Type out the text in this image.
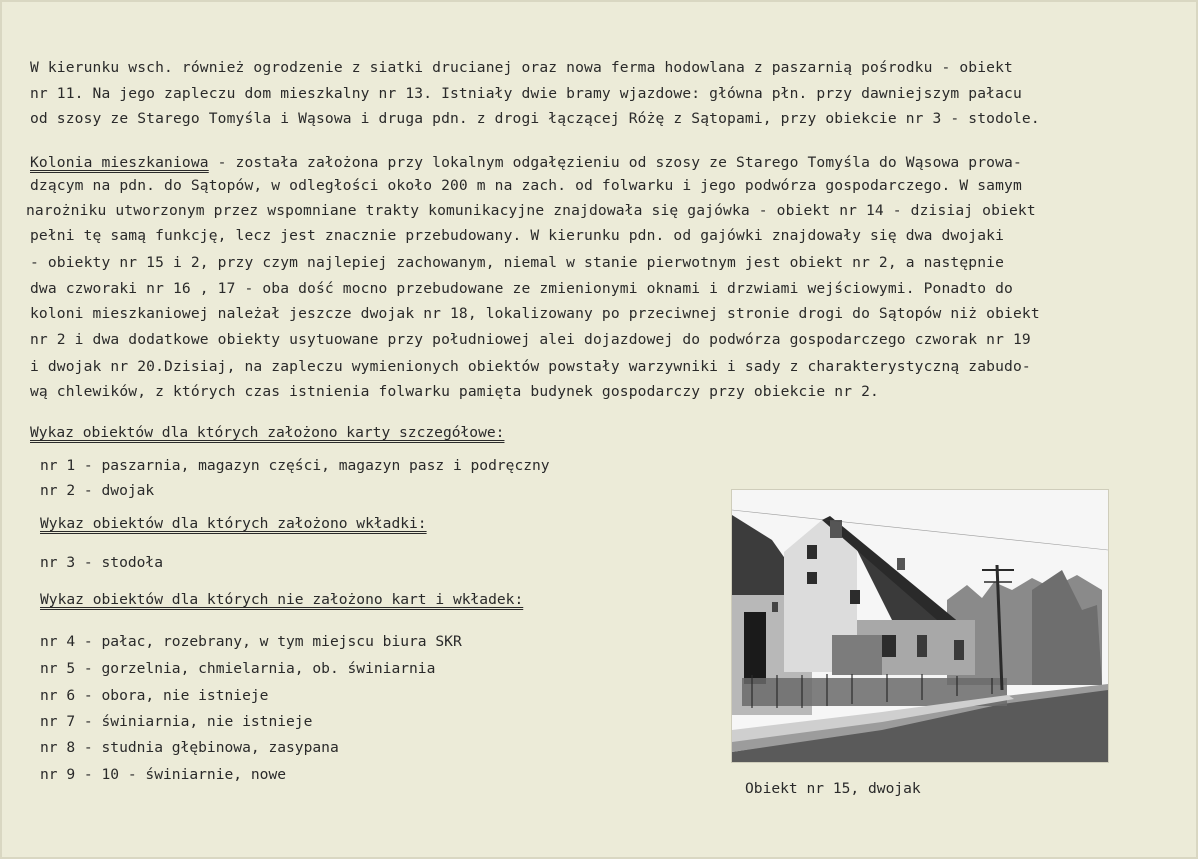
W kierunku wsch. również ogrodzenie z siatki drucianej oraz nowa ferma hodowlana z paszarnią pośrodku - obiekt
nr 11. Na jego zapleczu dom mieszkalny nr 13. Istniały dwie bramy wjazdowe: główna płn. przy dawniejszym pałacu
od szosy ze Starego Tomyśla i Wąsowa i druga pdn. z drogi łączącej Różę z Sątopami, przy obiekcie nr 3 - stodole.
Kolonia mieszkaniowa - została założona przy lokalnym odgałęzieniu od szosy ze Starego Tomyśla do Wąsowa prowa-
dzącym na pdn. do Sątopów, w odległości około 200 m na zach. od folwarku i jego podwórza gospodarczego. W samym
narożniku utworzonym przez wspomniane trakty komunikacyjne znajdowała się gajówka - obiekt nr 14 - dzisiaj obiekt
pełni tę samą funkcję, lecz jest znacznie przebudowany. W kierunku pdn. od gajówki znajdowały się dwa dwojaki
- obiekty nr 15 i 2, przy czym najlepiej zachowanym, niemal w stanie pierwotnym jest obiekt nr 2, a następnie
dwa czworaki nr 16 , 17 - oba dość mocno przebudowane ze zmienionymi oknami i drzwiami wejściowymi. Ponadto do
koloni mieszkaniowej należał jeszcze dwojak nr 18, lokalizowany po przeciwnej stronie drogi do Sątopów niż obiekt
nr 2 i dwa dodatkowe obiekty usytuowane przy południowej alei dojazdowej do podwórza gospodarczego czworak nr 19
i dwojak nr 20.Dzisiaj, na zapleczu wymienionych obiektów powstały warzywniki i sady z charakterystyczną zabudo-
wą chlewików, z których czas istnienia folwarku pamięta budynek gospodarczy przy obiekcie nr 2.
Wykaz obiektów dla których założono karty szczegółowe:
nr 1 - paszarnia, magazyn części, magazyn pasz i podręczny
nr 2 - dwojak
Wykaz obiektów dla których założono wkładki:
nr 3 - stodoła
Wykaz obiektów dla których nie założono kart i wkładek:
nr 4 - pałac, rozebrany, w tym miejscu biura SKR
nr 5 - gorzelnia, chmielarnia, ob. świniarnia
nr 6 - obora, nie istnieje
nr 7 - świniarnia, nie istnieje
nr 8 - studnia głębinowa, zasypana
nr 9 - 10 - świniarnie, nowe
Obiekt nr 15, dwojak
